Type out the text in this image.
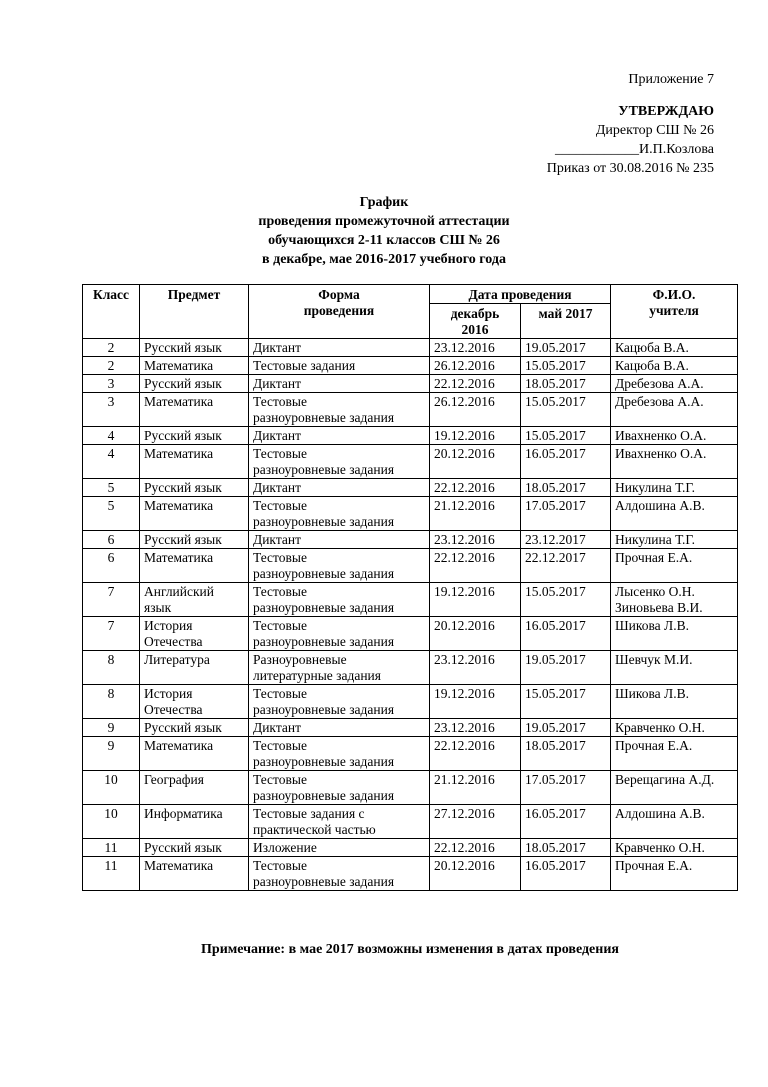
Приложение 7
УТВЕРЖДАЮ
Директор СШ № 26
____________И.П.Козлова
Приказ от 30.08.2016 № 235
График
проведения промежуточной аттестации
обучающихся 2-11 классов СШ № 26
в декабре, мае 2016-2017 учебного года
Класс	Предмет	Форма
проведения	Дата проведения		Ф.И.О.
учителя
			декабрь
2016	май 2017	
2	Русский язык	Диктант	23.12.2016	19.05.2017	Кацюба В.А.
2	Математика	Тестовые задания	26.12.2016	15.05.2017	Кацюба В.А.
3	Русский язык	Диктант	22.12.2016	18.05.2017	Дребезова А.А.
3	Математика	Тестовые
разноуровневые задания	26.12.2016	15.05.2017	Дребезова А.А.
4	Русский язык	Диктант	19.12.2016	15.05.2017	Ивахненко О.А.
4	Математика	Тестовые
разноуровневые задания	20.12.2016	16.05.2017	Ивахненко О.А.
5	Русский язык	Диктант	22.12.2016	18.05.2017	Никулина Т.Г.
5	Математика	Тестовые
разноуровневые задания	21.12.2016	17.05.2017	Алдошина А.В.
6	Русский язык	Диктант	23.12.2016	23.12.2017	Никулина Т.Г.
6	Математика	Тестовые
разноуровневые задания	22.12.2016	22.12.2017	Прочная Е.А.
7	Английский
язык	Тестовые
разноуровневые задания	19.12.2016	15.05.2017	Лысенко О.Н.
Зиновьева В.И.
7	История
Отечества	Тестовые
разноуровневые задания	20.12.2016	16.05.2017	Шикова Л.В.
8	Литература	Разноуровневые
литературные задания	23.12.2016	19.05.2017	Шевчук М.И.
8	История
Отечества	Тестовые
разноуровневые задания	19.12.2016	15.05.2017	Шикова Л.В.
9	Русский язык	Диктант	23.12.2016	19.05.2017	Кравченко О.Н.
9	Математика	Тестовые
разноуровневые задания	22.12.2016	18.05.2017	Прочная Е.А.
10	География	Тестовые
разноуровневые задания	21.12.2016	17.05.2017	Верещагина А.Д.
10	Информатика	Тестовые задания с
практической частью	27.12.2016	16.05.2017	Алдошина А.В.
11	Русский язык	Изложение	22.12.2016	18.05.2017	Кравченко О.Н.
11	Математика	Тестовые
разноуровневые задания	20.12.2016	16.05.2017	Прочная Е.А.
Примечание: в мае 2017 возможны изменения в датах проведения
